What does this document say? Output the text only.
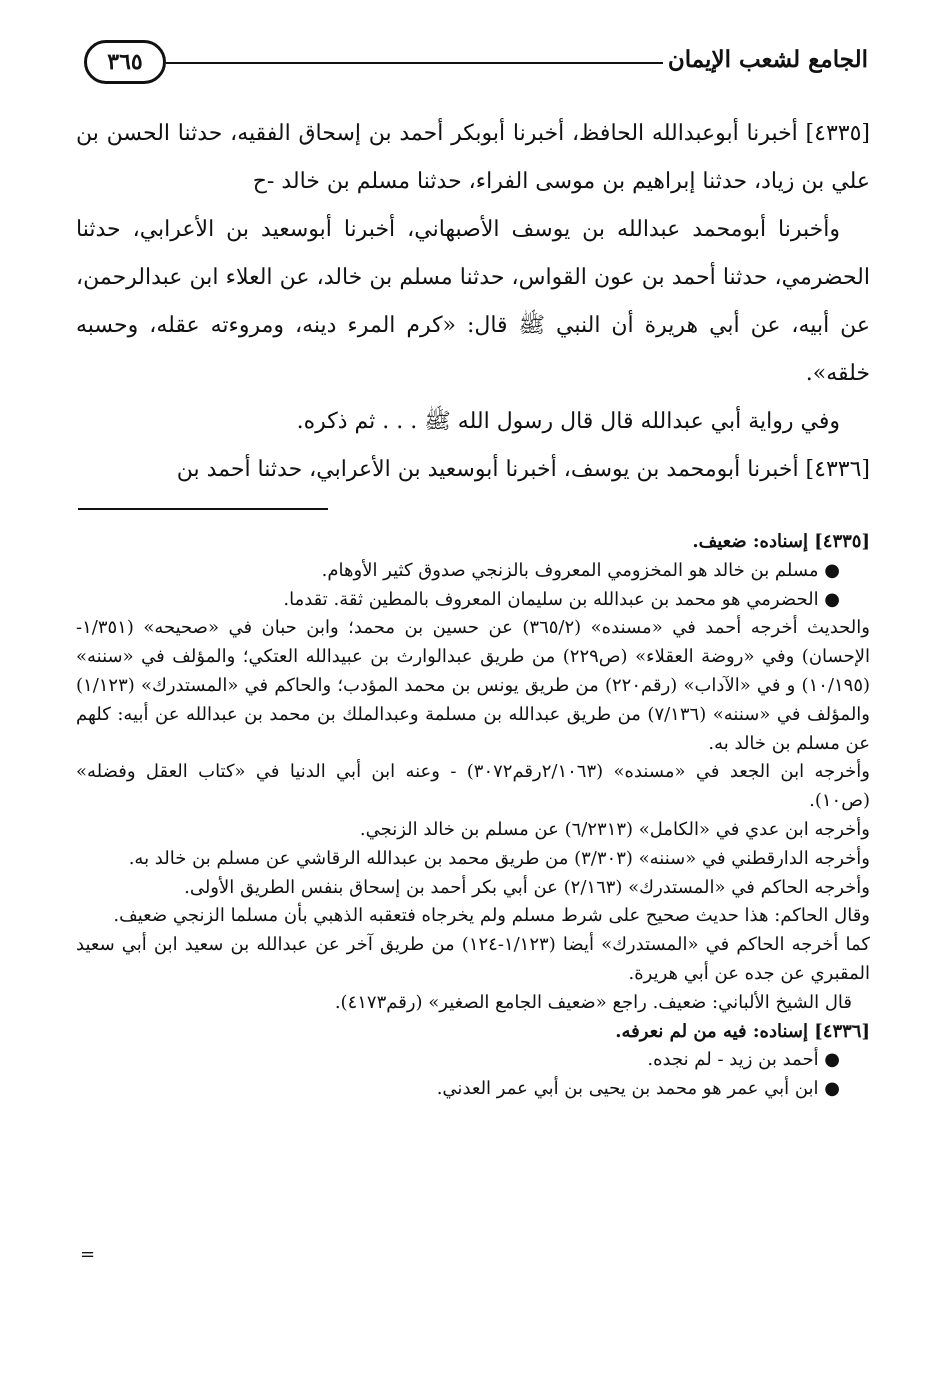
٣٦٥	الجامع لشعب الإيمان

[٤٣٣٥] أخبرنا أبوعبدالله الحافظ، أخبرنا أبوبكر أحمد بن إسحاق الفقيه، حدثنا الحسن بن علي بن زياد، حدثنا إبراهيم بن موسى الفراء، حدثنا مسلم بن خالد -ح

وأخبرنا أبومحمد عبدالله بن يوسف الأصبهاني، أخبرنا أبوسعيد بن الأعرابي، حدثنا الحضرمي، حدثنا أحمد بن عون القواس، حدثنا مسلم بن خالد، عن العلاء ابن عبدالرحمن، عن أبيه، عن أبي هريرة أن النبي ﷺ قال: «كرم المرء دينه، ومروءته عقله، وحسبه خلقه».

وفي رواية أبي عبدالله قال قال رسول الله ﷺ . . . ثم ذكره.

[٤٣٣٦] أخبرنا أبومحمد بن يوسف، أخبرنا أبوسعيد بن الأعرابي، حدثنا أحمد بن

[٤٣٣٥] إسناده: ضعيف.

● مسلم بن خالد هو المخزومي المعروف بالزنجي صدوق كثير الأوهام.

● الحضرمي هو محمد بن عبدالله بن سليمان المعروف بالمطين ثقة. تقدما.

والحديث أخرجه أحمد في «مسنده» (٣٦٥/٢) عن حسين بن محمد؛ وابن حبان في «صحيحه» (١/٣٥١-الإحسان) وفي «روضة العقلاء» (ص٢٢٩) من طريق عبدالوارث بن عبيدالله العتكي؛ والمؤلف في «سننه» (١٠/١٩٥) و في «الآداب» (رقم٢٢٠) من طريق يونس بن محمد المؤدب؛ والحاكم في «المستدرك» (١/١٢٣) والمؤلف في «سننه» (٧/١٣٦) من طريق عبدالله بن مسلمة وعبدالملك بن محمد بن عبدالله عن أبيه: كلهم عن مسلم بن خالد به.

وأخرجه ابن الجعد في «مسنده» (٢/١٠٦٣رقم٣٠٧٢) - وعنه ابن أبي الدنيا في «كتاب العقل وفضله» (ص١٠).

وأخرجه ابن عدي في «الكامل» (٦/٢٣١٣) عن مسلم بن خالد الزنجي.

وأخرجه الدارقطني في «سننه» (٣/٣٠٣) من طريق محمد بن عبدالله الرقاشي عن مسلم بن خالد به.

وأخرجه الحاكم في «المستدرك» (٢/١٦٣) عن أبي بكر أحمد بن إسحاق بنفس الطريق الأولى.

وقال الحاكم: هذا حديث صحيح على شرط مسلم ولم يخرجاه فتعقبه الذهبي بأن مسلما الزنجي ضعيف.

كما أخرجه الحاكم في «المستدرك» أيضا (١/١٢٣-١٢٤) من طريق آخر عن عبدالله بن سعيد ابن أبي سعيد المقبري عن جده عن أبي هريرة.

قال الشيخ الألباني: ضعيف. راجع «ضعيف الجامع الصغير» (رقم٤١٧٣).

[٤٣٣٦] إسناده: فيه من لم نعرفه.

● أحمد بن زيد - لم نجده.

● ابن أبي عمر هو محمد بن يحيى بن أبي عمر العدني.

=
